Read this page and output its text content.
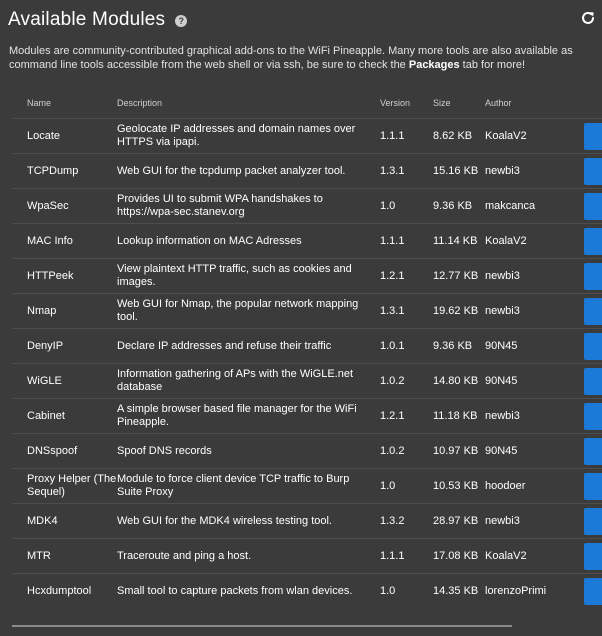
Available Modules	?
Modules are community-contributed graphical add-ons to the WiFi Pineapple. Many more tools are also available as command line tools accessible from the web shell or via ssh, be sure to check the Packages tab for more!
Name	Description	Version	Size	Author	
Locate	Geolocate IP addresses and domain names over HTTPS via ipapi.	1.1.1	8.62 KB	KoalaV2	

TCPDump	Web GUI for the tcpdump packet analyzer tool.	1.3.1	15.16 KB	newbi3	

WpaSec	Provides UI to submit WPA handshakes to https://wpa-sec.stanev.org	1.0	9.36 KB	makcanca	

MAC Info	Lookup information on MAC Adresses	1.1.1	11.14 KB	KoalaV2	

HTTPeek	View plaintext HTTP traffic, such as cookies and images.	1.2.1	12.77 KB	newbi3	

Nmap	Web GUI for Nmap, the popular network mapping tool.	1.3.1	19.62 KB	newbi3	

DenyIP	Declare IP addresses and refuse their traffic	1.0.1	9.36 KB	90N45	

WiGLE	Information gathering of APs with the WiGLE.net database	1.0.2	14.80 KB	90N45	

Cabinet	A simple browser based file manager for the WiFi Pineapple.	1.2.1	11.18 KB	newbi3	

DNSspoof	Spoof DNS records	1.0.2	10.97 KB	90N45	

Proxy Helper (The Sequel)	Module to force client device TCP traffic to Burp Suite Proxy	1.0	10.53 KB	hoodoer	

MDK4	Web GUI for the MDK4 wireless testing tool.	1.3.2	28.97 KB	newbi3	

MTR	Traceroute and ping a host.	1.1.1	17.08 KB	KoalaV2	

Hcxdumptool	Small tool to capture packets from wlan devices.	1.0	14.35 KB	lorenzoPrimi	
